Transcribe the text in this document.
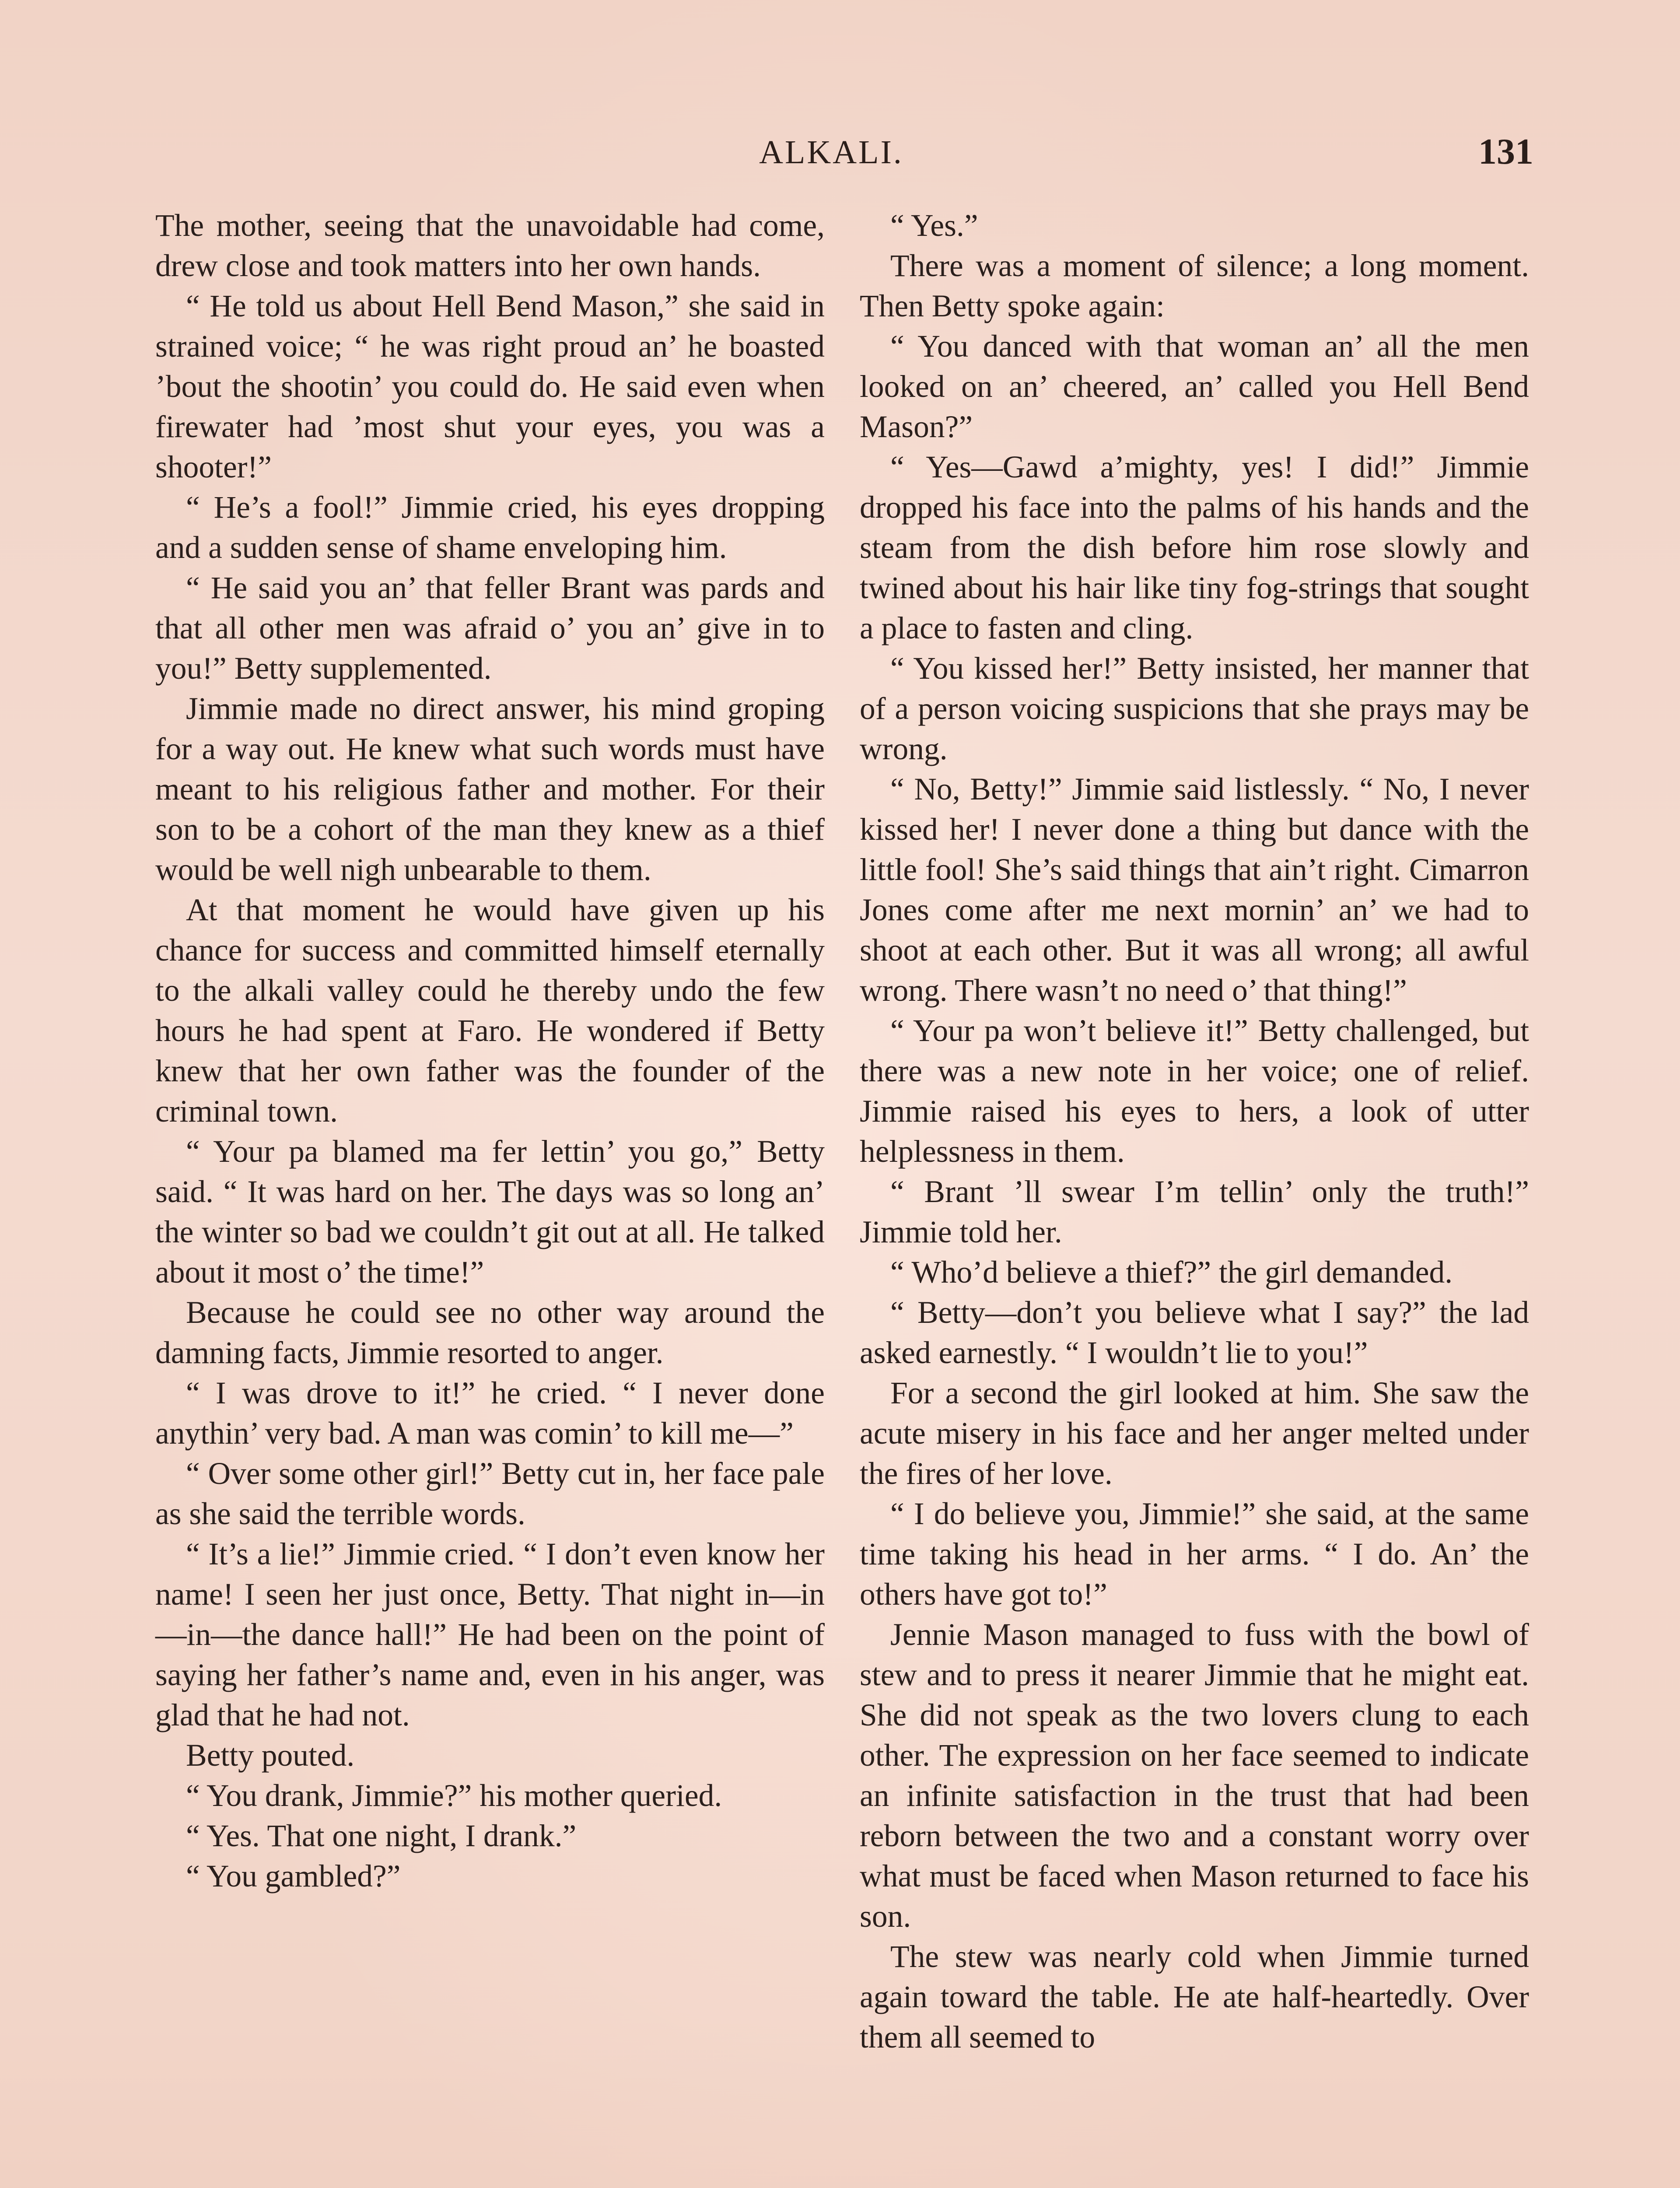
ALKALI.	131

The mother, seeing that the unavoidable had come, drew close and took matters into her own hands.

“ He told us about Hell Bend Mason,” she said in strained voice; “ he was right proud an’ he boasted ’bout the shootin’ you could do. He said even when firewater had ’most shut your eyes, you was a shooter!”

“ He’s a fool!” Jimmie cried, his eyes dropping and a sudden sense of shame enveloping him.

“ He said you an’ that feller Brant was pards and that all other men was afraid o’ you an’ give in to you!” Betty supplemented.

Jimmie made no direct answer, his mind groping for a way out. He knew what such words must have meant to his religious father and mother. For their son to be a cohort of the man they knew as a thief would be well nigh unbearable to them.

At that moment he would have given up his chance for success and committed himself eternally to the alkali valley could he thereby undo the few hours he had spent at Faro. He wondered if Betty knew that her own father was the founder of the criminal town.

“ Your pa blamed ma fer lettin’ you go,” Betty said. “ It was hard on her. The days was so long an’ the winter so bad we couldn’t git out at all. He talked about it most o’ the time!”

Because he could see no other way around the damning facts, Jimmie resorted to anger.

“ I was drove to it!” he cried. “ I never done anythin’ very bad. A man was comin’ to kill me—”

“ Over some other girl!” Betty cut in, her face pale as she said the terrible words.

“ It’s a lie!” Jimmie cried. “ I don’t even know her name! I seen her just once, Betty. That night in—in—in—the dance hall!” He had been on the point of saying her father’s name and, even in his anger, was glad that he had not.

Betty pouted.

“ You drank, Jimmie?” his mother queried.

“ Yes. That one night, I drank.”

“ You gambled?”

“ Yes.”

There was a moment of silence; a long moment. Then Betty spoke again:

“ You danced with that woman an’ all the men looked on an’ cheered, an’ called you Hell Bend Mason?”

“ Yes—Gawd a’mighty, yes! I did!” Jimmie dropped his face into the palms of his hands and the steam from the dish before him rose slowly and twined about his hair like tiny fog-strings that sought a place to fasten and cling.

“ You kissed her!” Betty insisted, her manner that of a person voicing suspicions that she prays may be wrong.

“ No, Betty!” Jimmie said listlessly. “ No, I never kissed her! I never done a thing but dance with the little fool! She’s said things that ain’t right. Cimarron Jones come after me next mornin’ an’ we had to shoot at each other. But it was all wrong; all awful wrong. There wasn’t no need o’ that thing!”

“ Your pa won’t believe it!” Betty challenged, but there was a new note in her voice; one of relief. Jimmie raised his eyes to hers, a look of utter helplessness in them.

“ Brant ’ll swear I’m tellin’ only the truth!” Jimmie told her.

“ Who’d believe a thief?” the girl demanded.

“ Betty—don’t you believe what I say?” the lad asked earnestly. “ I wouldn’t lie to you!”

For a second the girl looked at him. She saw the acute misery in his face and her anger melted under the fires of her love.

“ I do believe you, Jimmie!” she said, at the same time taking his head in her arms. “ I do. An’ the others have got to!”

Jennie Mason managed to fuss with the bowl of stew and to press it nearer Jimmie that he might eat. She did not speak as the two lovers clung to each other. The expression on her face seemed to indicate an infinite satisfaction in the trust that had been reborn between the two and a constant worry over what must be faced when Mason returned to face his son.

The stew was nearly cold when Jimmie turned again toward the table. He ate half-heartedly. Over them all seemed to
